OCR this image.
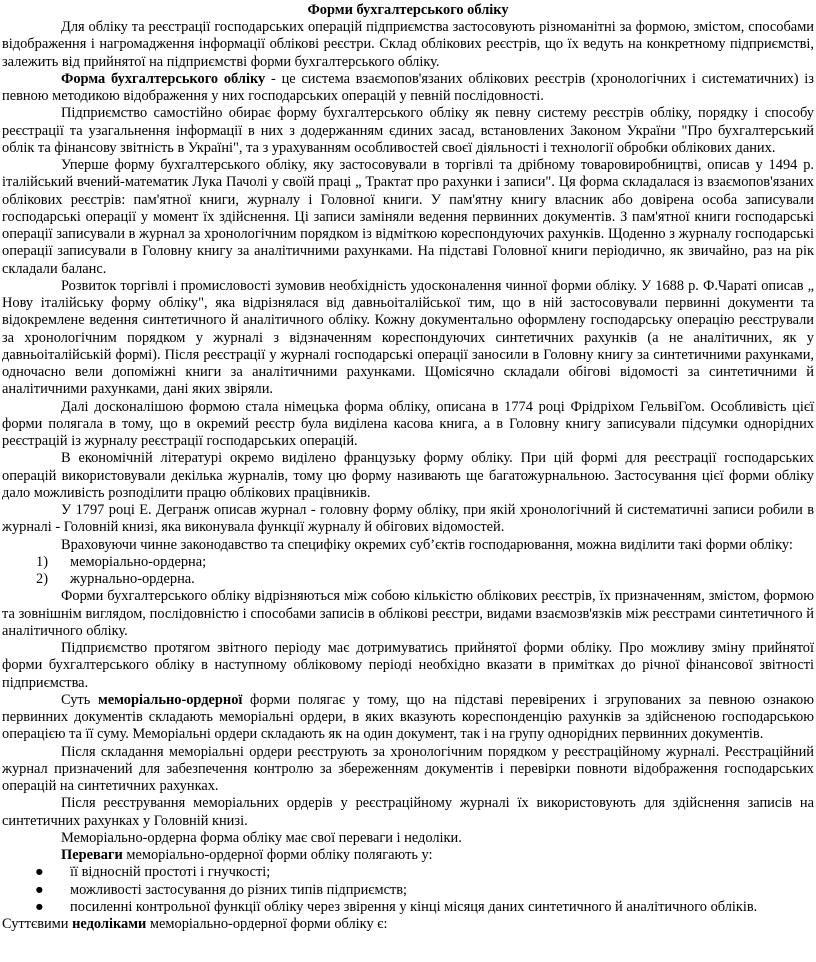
Форми бухгалтерського обліку

Для обліку та реєстрації господарських операцій підприємства застосовують різноманітні за формою, змістом, способами відображення і нагромадження інформації облікові реєстри. Склад облікових реєстрів, що їх ведуть на конкретному підприємстві, залежить від прийнятої на підприємстві форми бухгалтерського обліку.

Форма бухгалтерського обліку - це система взаємопов'язаних облікових реєстрів (хронологічних і систематичних) із певною методикою відображення у них господарських операцій у певній послідовності.

Підприємство самостійно обирає форму бухгалтерського обліку як певну систему реєстрів обліку, порядку і способу реєстрації та узагальнення інформації в них з додержанням єдиних засад, встановлених Законом України "Про бухгалтерський облік та фінансову звітність в Україні", та з урахуванням особливостей своєї діяльності і технології обробки облікових даних.

Уперше форму бухгалтерського обліку, яку застосовували в торгівлі та дрібному товаровиробництві, описав у 1494 р. італійський вчений-математик Лука Пачолі у своїй праці „ Трактат про рахунки і записи". Ця форма складалася із взаємопов'язаних облікових реєстрів: пам'ятної книги, журналу і Головної книги. У пам'ятну книгу власник або довірена особа записували господарські операції у момент їх здійснення. Ці записи заміняли ведення первинних документів. З пам'ятної книги господарські операції записували в журнал за хронологічним порядком із відміткою кореспондуючих рахунків. Щоденно з журналу господарські операції записували в Головну книгу за аналітичними рахунками. На підставі Головної книги періодично, як звичайно, раз на рік складали баланс.

Розвиток торгівлі і промисловості зумовив необхідність удосконалення чинної форми обліку. У 1688 р. Ф.Чараті описав „ Нову італійську форму обліку", яка відрізнялася від давньоіталійської тим, що в ній застосовували первинні документи та відокремлене ведення синтетичного й аналітичного обліку. Кожну документально оформлену господарську операцію реєстрували за хронологічним порядком у журналі з відзначенням кореспондуючих синтетичних рахунків (а не аналітичних, як у давньоіталійській формі). Після реєстрації у журналі господарські операції заносили в Головну книгу за синтетичними рахунками, одночасно вели допоміжні книги за аналітичними рахунками. Щомісячно складали обігові відомості за синтетичними й аналітичними рахунками, дані яких звіряли.

Далі досконалішою формою стала німецька форма обліку, описана в 1774 році Фрідріхом ГельвіГом. Особливість цієї форми полягала в тому, що в окремий реєстр була виділена касова книга, а в Головну книгу записували підсумки однорідних реєстрацій із журналу реєстрації господарських операцій.

В економічній літературі окремо виділено французьку форму обліку. При цій формі для реєстрації господарських операцій використовували декілька журналів, тому цю форму називають ще багатожурнальною. Застосування цієї форми обліку дало можливість розподілити працю облікових працівників.

У 1797 році Е. Дегранж описав журнал - головну форму обліку, при якій хронологічний й систематичні записи робили в журналі - Головній книзі, яка виконувала функції журналу й обігових відомостей.

Враховуючи чинне законодавство та специфіку окремих суб’єктів господарювання, можна виділити такі форми обліку:

1) меморіально-ордерна;
2) журнально-ордерна.

Форми бухгалтерського обліку відрізняються між собою кількістю облікових реєстрів, їх призначенням, змістом, формою та зовнішнім виглядом, послідовністю і способами записів в облікові реєстри, видами взаємозв'язків між реєстрами синтетичного й аналітичного обліку.

Підприємство протягом звітного періоду має дотримуватись прийнятої форми обліку. Про можливу зміну прийнятої форми бухгалтерського обліку в наступному обліковому періоді необхідно вказати в примітках до річної фінансової звітності підприємства.

Суть меморіально-ордерної форми полягає у тому, що на підставі перевірених і згрупованих за певною ознакою первинних документів складають меморіальні ордери, в яких вказують кореспонденцію рахунків за здійсненою господарською операцією та її суму. Меморіальні ордери складають як на один документ, так і на групу однорідних первинних документів.

Після складання меморіальні ордери реєструють за хронологічним порядком у реєстраційному журналі. Реєстраційний журнал призначений для забезпечення контролю за збереженням документів і перевірки повноти відображення господарських операцій на синтетичних рахунках.

Після реєстрування меморіальних ордерів у реєстраційному журналі їх використовують для здійснення записів на синтетичних рахунках у Головній книзі.

Меморіально-ордерна форма обліку має свої переваги і недоліки.

Переваги меморіально-ордерної форми обліку полягають у:

● її відносній простоті і гнучкості;
● можливості застосування до різних типів підприємств;
● посиленні контрольної функції обліку через звірення у кінці місяця даних синтетичного й аналітичного обліків.

Суттєвими недоліками меморіально-ордерної форми обліку є:
